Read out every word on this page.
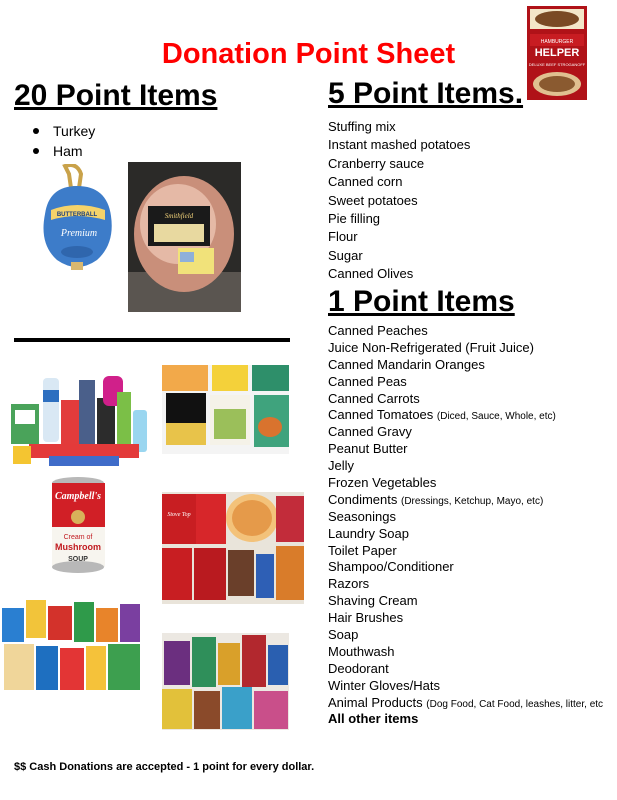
Donation Point Sheet	HAMBURGER
HELPER
DELUXE BEEF STROGANOFF
20 Point Items
Turkey
Ham
BUTTERBALL
Premium
Smithfield
Campbell's
Cream of
Mushroom
SOUP
Stove Top
5 Point Items.
Stuffing mix
Instant mashed potatoes
Cranberry sauce
Canned corn
Sweet potatoes
Pie filling
Flour
Sugar
Canned Olives
1 Point Items
Canned Peaches
Juice Non-Refrigerated (Fruit Juice)
Canned Mandarin Oranges
Canned Peas
Canned Carrots
Canned Tomatoes (Diced, Sauce, Whole, etc)
Canned Gravy
Peanut Butter
Jelly
Frozen Vegetables
Condiments (Dressings, Ketchup, Mayo, etc)
Seasonings
Laundry Soap
Toilet Paper
Shampoo/Conditioner
Razors
Shaving Cream
Hair Brushes
Soap
Mouthwash
Deodorant
Winter Gloves/Hats
Animal Products (Dog Food, Cat Food, leashes, litter, etc
All other items
$$ Cash Donations are accepted - 1 point for every dollar.
